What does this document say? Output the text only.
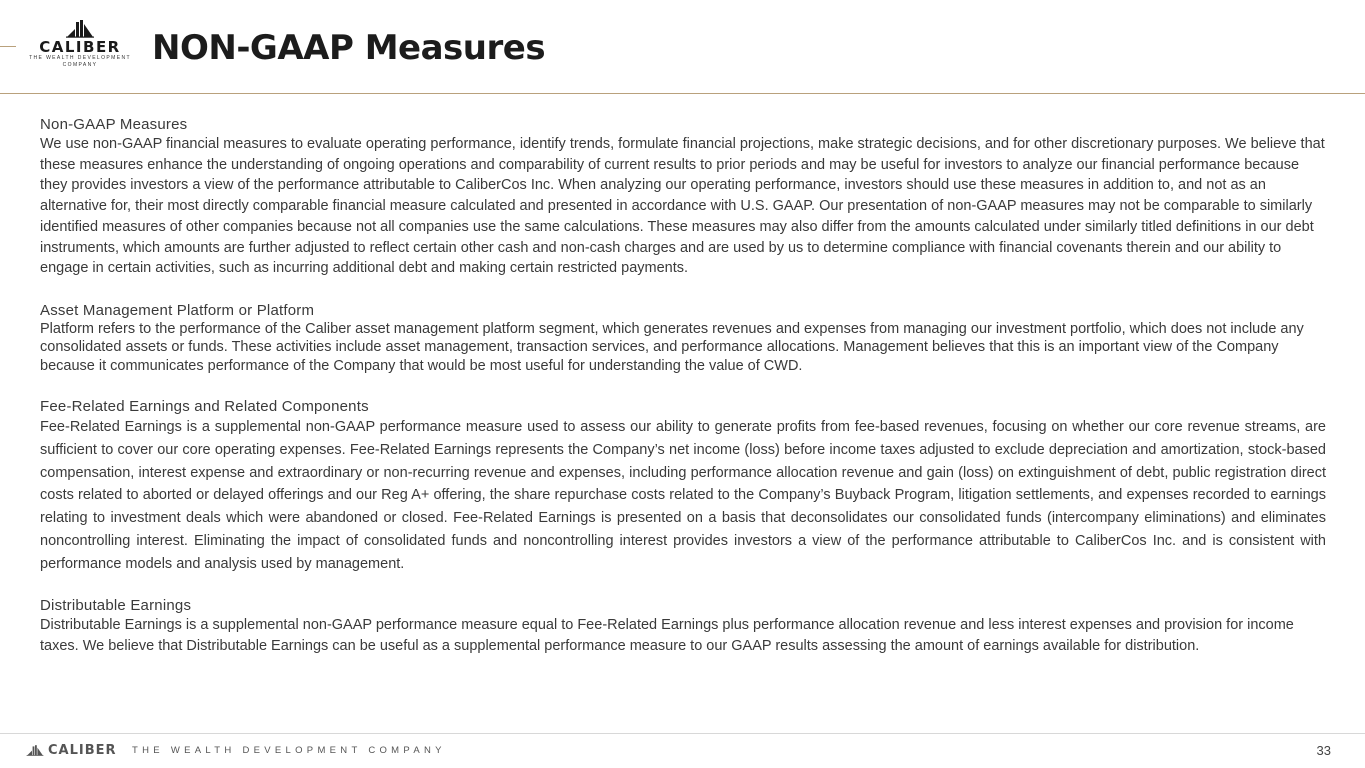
CALIBER
THE WEALTH DEVELOPMENT COMPANY	NON-GAAP Measures
Non-GAAP Measures

We use non-GAAP financial measures to evaluate operating performance, identify trends, formulate financial projections, make strategic decisions, and for other discretionary purposes. We believe that these measures enhance the understanding of ongoing operations and comparability of current results to prior periods and may be useful for investors to analyze our financial performance because they provides investors a view of the performance attributable to CaliberCos Inc. When analyzing our operating performance, investors should use these measures in addition to, and not as an alternative for, their most directly comparable financial measure calculated and presented in accordance with U.S. GAAP. Our presentation of non-GAAP measures may not be comparable to similarly identified measures of other companies because not all companies use the same calculations. These measures may also differ from the amounts calculated under similarly titled definitions in our debt instruments, which amounts are further adjusted to reflect certain other cash and non-cash charges and are used by us to determine compliance with financial covenants therein and our ability to engage in certain activities, such as incurring additional debt and making certain restricted payments.

Asset Management Platform or Platform

Platform refers to the performance of the Caliber asset management platform segment, which generates revenues and expenses from managing our investment portfolio, which does not include any consolidated assets or funds. These activities include asset management, transaction services, and performance allocations. Management believes that this is an important view of the Company because it communicates performance of the Company that would be most useful for understanding the value of CWD.

Fee-Related Earnings and Related Components

Fee-Related Earnings is a supplemental non-GAAP performance measure used to assess our ability to generate profits from fee-based revenues, focusing on whether our core revenue streams, are sufficient to cover our core operating expenses. Fee-Related Earnings represents the Company’s net income (loss) before income taxes adjusted to exclude depreciation and amortization, stock-based compensation, interest expense and extraordinary or non-recurring revenue and expenses, including performance allocation revenue and gain (loss) on extinguishment of debt, public registration direct costs related to aborted or delayed offerings and our Reg A+ offering, the share repurchase costs related to the Company’s Buyback Program, litigation settlements, and expenses recorded to earnings relating to investment deals which were abandoned or closed. Fee-Related Earnings is presented on a basis that deconsolidates our consolidated funds (intercompany eliminations) and eliminates noncontrolling interest. Eliminating the impact of consolidated funds and noncontrolling interest provides investors a view of the performance attributable to CaliberCos Inc. and is consistent with performance models and analysis used by management.

Distributable Earnings

Distributable Earnings is a supplemental non-GAAP performance measure equal to Fee-Related Earnings plus performance allocation revenue and less interest expenses and provision for income taxes. We believe that Distributable Earnings can be useful as a supplemental performance measure to our GAAP results assessing the amount of earnings available for distribution.

CALIBER THE WEALTH DEVELOPMENT COMPANY	33
